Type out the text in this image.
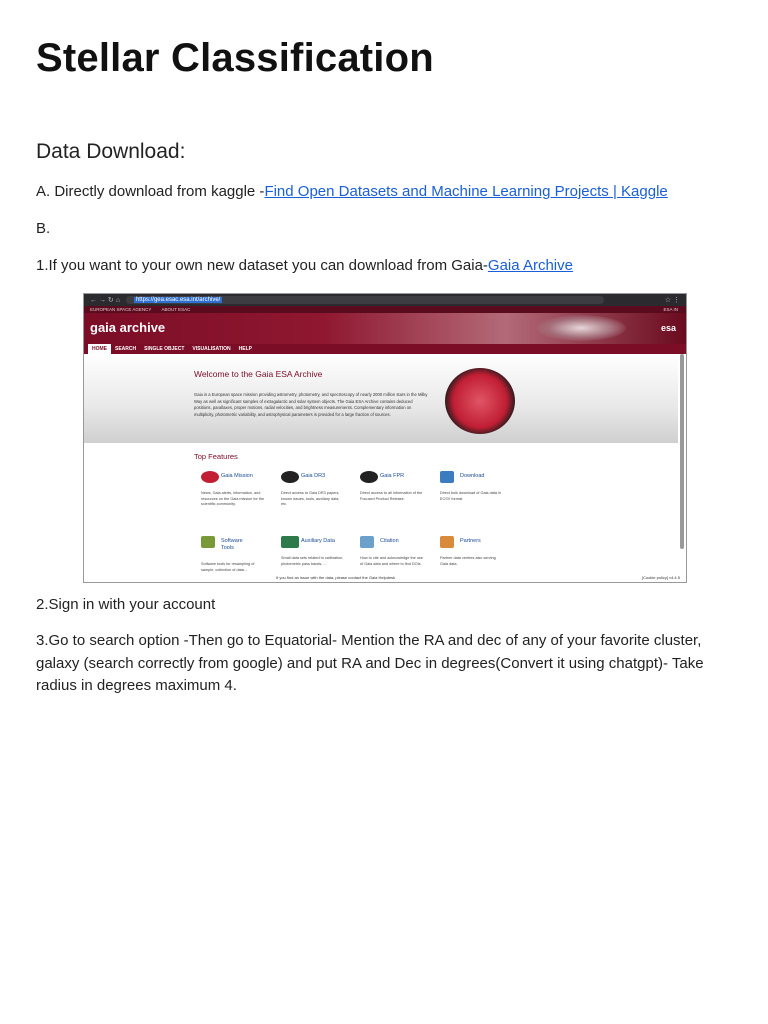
Stellar Classification
Data Download:

A. Directly download from kaggle -Find Open Datasets and Machine Learning Projects | Kaggle

B.

1.If you want to your own new dataset you can download from Gaia-Gaia Archive

← → ↻ ⌂	https://gea.esac.esa.int/archive/	☆ ⋮
EUROPEAN SPACE AGENCY ABOUT ESAC	ESA IN
gaia archive	esa
HOME	SEARCH	SINGLE OBJECT	VISUALISATION	HELP
Welcome to the Gaia ESA Archive
Gaia is a European space mission providing astrometry, photometry, and spectroscopy of nearly 2000 million stars in the Milky Way as well as significant samples of extragalactic and solar system objects. The Gaia ESA Archive contains deduced positions, parallaxes, proper motions, radial velocities, and brightness measurements. Complementary information on multiplicity, photometric variability, and astrophysical parameters is provided for a large fraction of sources.
Top Features
Gaia Mission
News, Gaia alerts, information, and resources on the Gaia mission for the scientific community.
Gaia DR3
Direct access to Gaia DR3 papers, known issues, tools, auxiliary data, etc.
Gaia FPR
Direct access to all information of the Focused Product Release.
Download
Direct bulk download of Gaia data in ECSV format.
Software Tools
Software tools for resampling of sample, collection of data...
Auxiliary Data
Small data sets related to calibration, photometric pass bands, ...
Citation
How to cite and acknowledge the use of Gaia data and where to find DOIs.
Partners
Partner data centres also serving Gaia data.
If you find an issue with the data, please contact the Gaia Helpdesk	[Cookie policy] v4.4.5

2.Sign in with your account

3.Go to search option -Then go to Equatorial- Mention the RA and dec of any of your favorite cluster, galaxy (search correctly from google) and put RA and Dec in degrees(Convert it using chatgpt)- Take radius in degrees maximum 4.
